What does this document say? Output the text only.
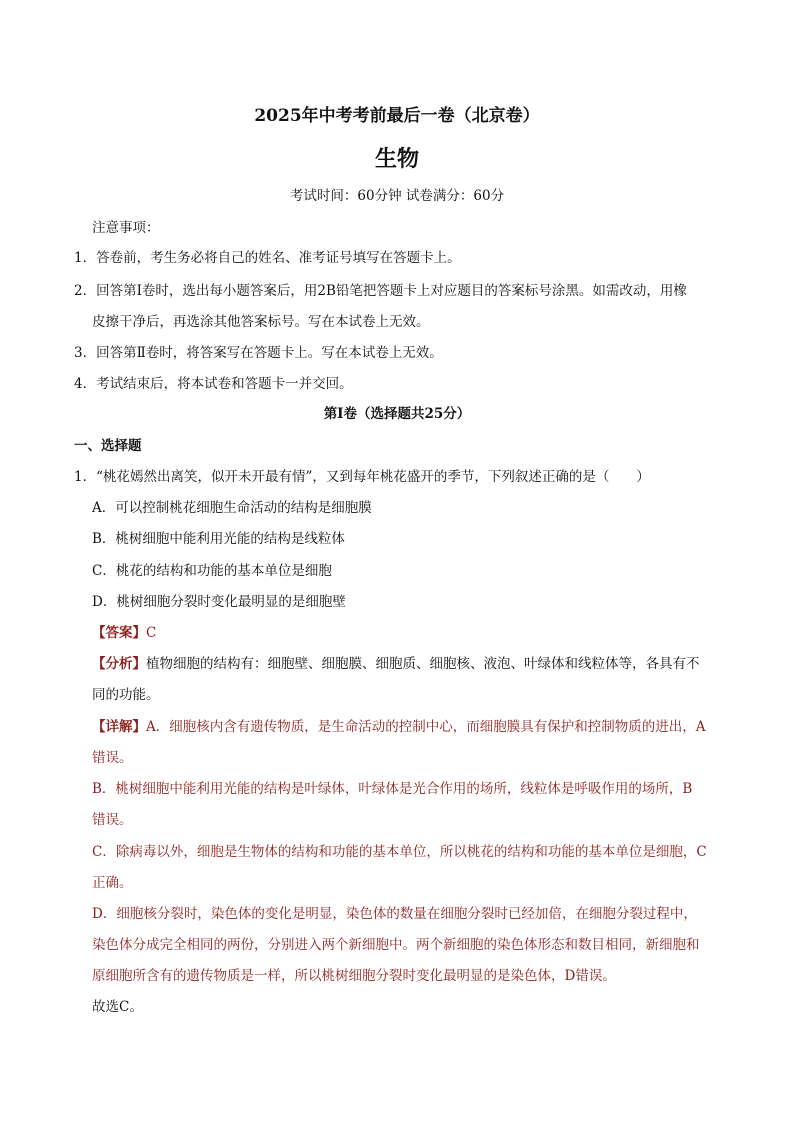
2025年中考考前最后一卷（北京卷）
生物
考试时间：60分钟 试卷满分：60分
注意事项：
1．答卷前，考生务必将自己的姓名、准考证号填写在答题卡上。
2．回答第Ⅰ卷时，选出每小题答案后，用2B铅笔把答题卡上对应题目的答案标号涂黑。如需改动，用橡
皮擦干净后，再选涂其他答案标号。写在本试卷上无效。
3．回答第Ⅱ卷时，将答案写在答题卡上。写在本试卷上无效。
4．考试结束后，将本试卷和答题卡一并交回。
第Ⅰ卷（选择题共25分）
一、选择题
1．“桃花嫣然出离笑，似开未开最有情”，又到每年桃花盛开的季节，下列叙述正确的是（　　）
A．可以控制桃花细胞生命活动的结构是细胞膜
B．桃树细胞中能利用光能的结构是线粒体
C．桃花的结构和功能的基本单位是细胞
D．桃树细胞分裂时变化最明显的是细胞壁
【答案】C
【分析】植物细胞的结构有：细胞壁、细胞膜、细胞质、细胞核、液泡、叶绿体和线粒体等，各具有不
同的功能。
【详解】A．细胞核内含有遗传物质，是生命活动的控制中心，而细胞膜具有保护和控制物质的进出，A
错误。
B．桃树细胞中能利用光能的结构是叶绿体，叶绿体是光合作用的场所，线粒体是呼吸作用的场所，B
错误。
C．除病毒以外，细胞是生物体的结构和功能的基本单位，所以桃花的结构和功能的基本单位是细胞，C
正确。
D．细胞核分裂时，染色体的变化是明显，染色体的数量在细胞分裂时已经加倍，在细胞分裂过程中，
染色体分成完全相同的两份，分别进入两个新细胞中。两个新细胞的染色体形态和数目相同，新细胞和
原细胞所含有的遗传物质是一样，所以桃树细胞分裂时变化最明显的是染色体，D错误。
故选C。
